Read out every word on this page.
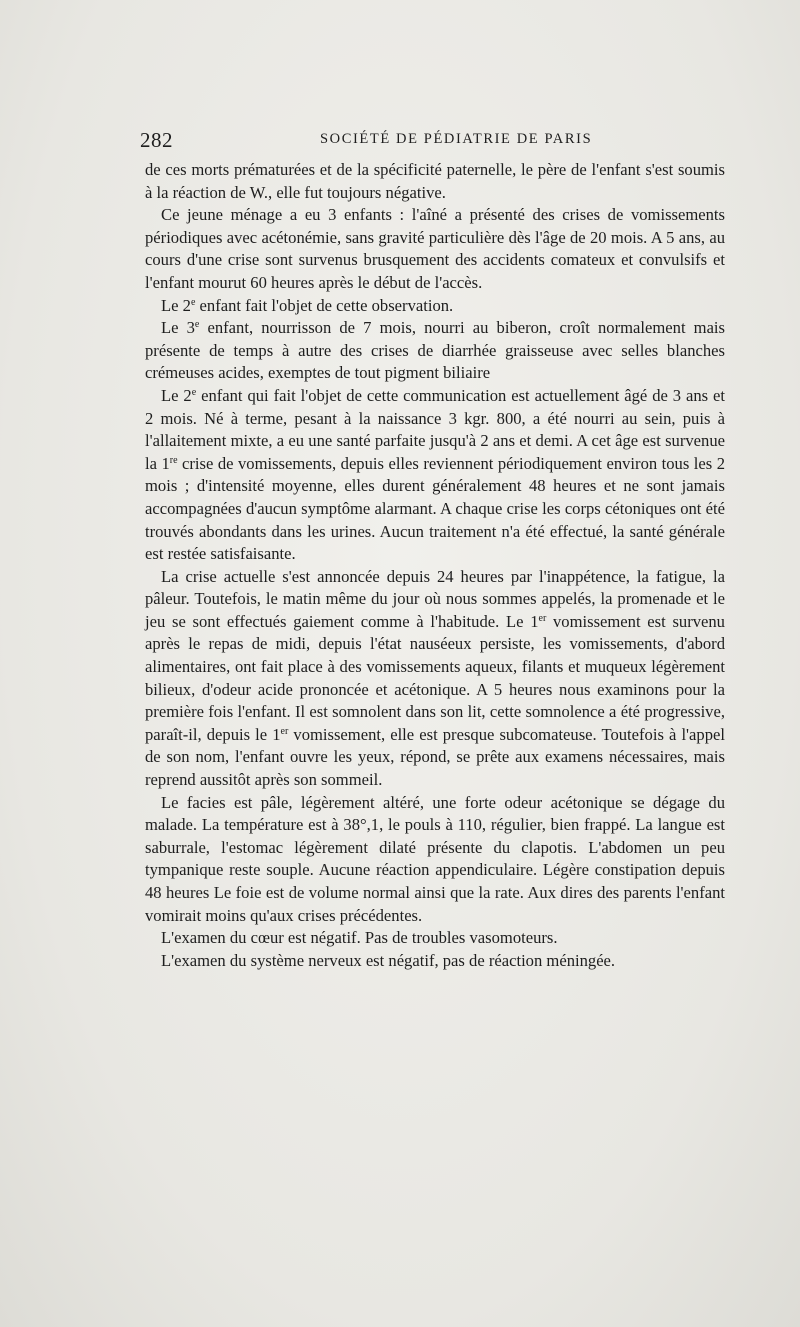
282	SOCIÉTÉ DE PÉDIATRIE DE PARIS

de ces morts prématurées et de la spécificité paternelle, le père de l'enfant s'est soumis à la réaction de W., elle fut toujours négative.

Ce jeune ménage a eu 3 enfants : l'aîné a présenté des crises de vomissements périodiques avec acétonémie, sans gravité particulière dès l'âge de 20 mois. A 5 ans, au cours d'une crise sont survenus brusquement des accidents comateux et convulsifs et l'enfant mourut 60 heures après le début de l'accès.

Le 2e enfant fait l'objet de cette observation.

Le 3e enfant, nourrisson de 7 mois, nourri au biberon, croît normalement mais présente de temps à autre des crises de diarrhée graisseuse avec selles blanches crémeuses acides, exemptes de tout pigment biliaire

Le 2e enfant qui fait l'objet de cette communication est actuellement âgé de 3 ans et 2 mois. Né à terme, pesant à la naissance 3 kgr. 800, a été nourri au sein, puis à l'allaitement mixte, a eu une santé parfaite jusqu'à 2 ans et demi. A cet âge est survenue la 1re crise de vomissements, depuis elles reviennent périodiquement environ tous les 2 mois ; d'intensité moyenne, elles durent généralement 48 heures et ne sont jamais accompagnées d'aucun symptôme alarmant. A chaque crise les corps cétoniques ont été trouvés abondants dans les urines. Aucun traitement n'a été effectué, la santé générale est restée satisfaisante.

La crise actuelle s'est annoncée depuis 24 heures par l'inappétence, la fatigue, la pâleur. Toutefois, le matin même du jour où nous sommes appelés, la promenade et le jeu se sont effectués gaiement comme à l'habitude. Le 1er vomissement est survenu après le repas de midi, depuis l'état nauséeux persiste, les vomissements, d'abord alimentaires, ont fait place à des vomissements aqueux, filants et muqueux légèrement bilieux, d'odeur acide prononcée et acétonique. A 5 heures nous examinons pour la première fois l'enfant. Il est somnolent dans son lit, cette somnolence a été progressive, paraît-il, depuis le 1er vomissement, elle est presque subcomateuse. Toutefois à l'appel de son nom, l'enfant ouvre les yeux, répond, se prête aux examens nécessaires, mais reprend aussitôt après son sommeil.

Le facies est pâle, légèrement altéré, une forte odeur acétonique se dégage du malade. La température est à 38°,1, le pouls à 110, régulier, bien frappé. La langue est saburrale, l'estomac légèrement dilaté présente du clapotis. L'abdomen un peu tympanique reste souple. Aucune réaction appendiculaire. Légère constipation depuis 48 heures Le foie est de volume normal ainsi que la rate. Aux dires des parents l'enfant vomirait moins qu'aux crises précédentes.

L'examen du cœur est négatif. Pas de troubles vasomoteurs.

L'examen du système nerveux est négatif, pas de réaction méningée.
